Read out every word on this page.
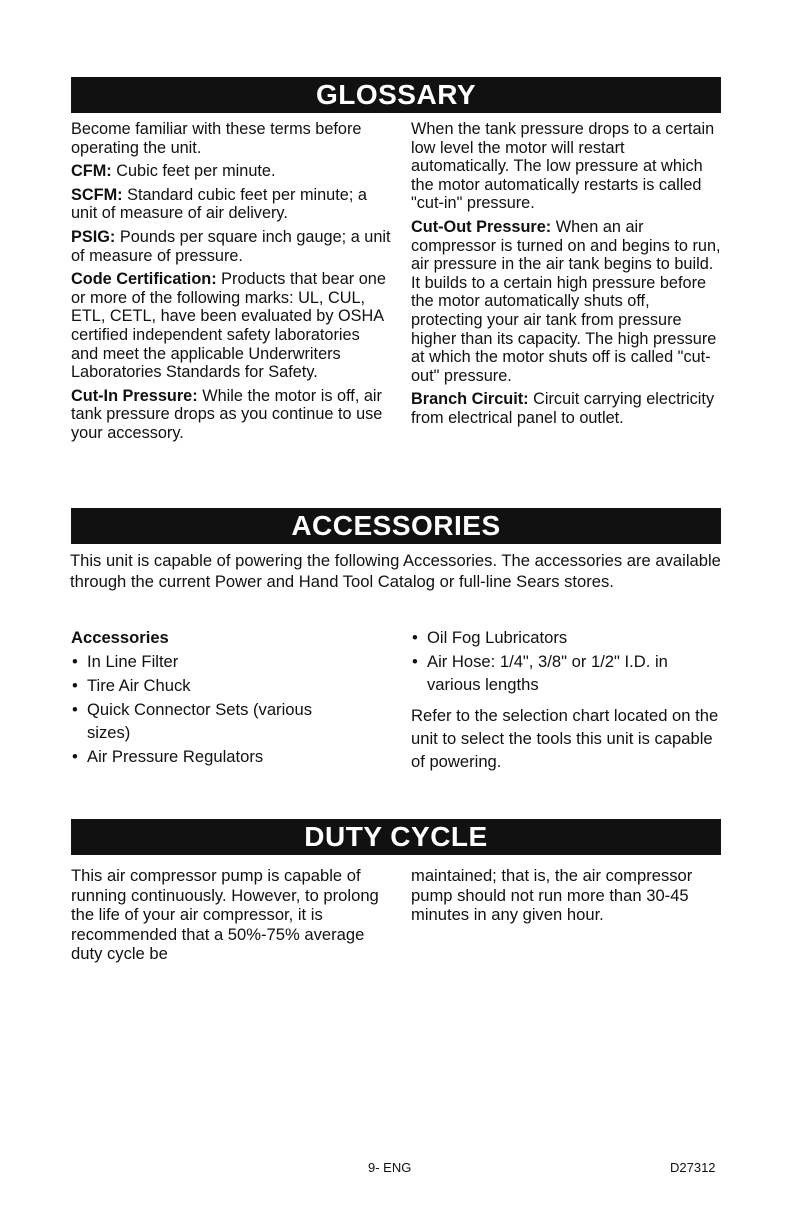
GLOSSARY

Become familiar with these terms before operating the unit.

CFM: Cubic feet per minute.

SCFM: Standard cubic feet per minute; a unit of measure of air delivery.

PSIG: Pounds per square inch gauge; a unit of measure of pressure.

Code Certification: Products that bear one or more of the following marks: UL, CUL, ETL, CETL, have been evaluated by OSHA certified independent safety laboratories and meet the applicable Underwriters Laboratories Standards for Safety.

Cut-In Pressure: While the motor is off, air tank pressure drops as you continue to use your accessory.

When the tank pressure drops to a certain low level the motor will restart automatically. The low pressure at which the motor automatically restarts is called "cut-in" pressure.

Cut-Out Pressure: When an air compressor is turned on and begins to run, air pressure in the air tank begins to build. It builds to a certain high pressure before the motor automatically shuts off, protecting your air tank from pressure higher than its capacity. The high pressure at which the motor shuts off is called "cut-out" pressure.

Branch Circuit: Circuit carrying electricity from electrical panel to outlet.

ACCESSORIES

This unit is capable of powering the following Accessories. The accessories are available through the current Power and Hand Tool Catalog or full-line Sears stores.

Accessories
• In Line Filter
• Tire Air Chuck
• Quick Connector Sets (various sizes)
• Air Pressure Regulators
• Oil Fog Lubricators
• Air Hose: 1/4", 3/8" or 1/2" I.D. in various lengths
Refer to the selection chart located on the unit to select the tools this unit is capable of powering.
DUTY CYCLE

This air compressor pump is capable of running continuously. However, to prolong the life of your air compressor, it is recommended that a 50%-75% average duty cycle be

maintained; that is, the air compressor pump should not run more than 30-45 minutes in any given hour.

9- ENG	D27312
